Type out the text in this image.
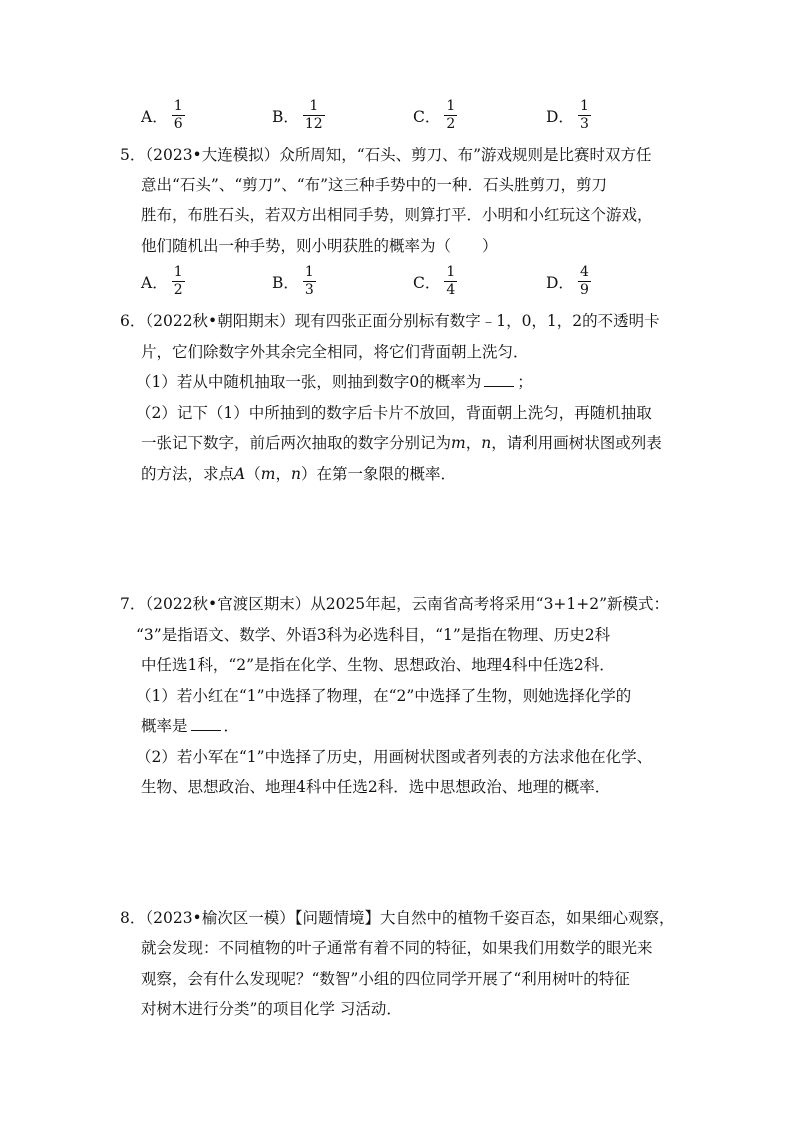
A． $\frac{1}{6}$	B． $\frac{1}{12}$	C． $\frac{1}{2}$	D． $\frac{1}{3}$
5．（2023•大连模拟）众所周知，“石头、剪刀、布”游戏规则是比赛时双方任
意出“石头”、“剪刀”、“布”这三种手势中的一种．石头胜剪刀，剪刀
胜布，布胜石头，若双方出相同手势，则算打平．小明和小红玩这个游戏，
他们随机出一种手势，则小明获胜的概率为（　　）
A． $\frac{1}{2}$	B． $\frac{1}{3}$	C． $\frac{1}{4}$	D． $\frac{4}{9}$
6．（2022秋•朝阳期末）现有四张正面分别标有数字﹣1，0，1，2的不透明卡
片，它们除数字外其余完全相同，将它们背面朝上洗匀．
（1）若从中随机抽取一张，则抽到数字0的概率为 ；
（2）记下（1）中所抽到的数字后卡片不放回，背面朝上洗匀，再随机抽取
一张记下数字，前后两次抽取的数字分别记为m，n，请利用画树状图或列表
的方法，求点A（m，n）在第一象限的概率．
7．（2022秋•官渡区期末）从2025年起，云南省高考将采用“3+1+2”新模式：
“3”是指语文、数学、外语3科为必选科目，“1”是指在物理、历史2科
中任选1科，“2”是指在化学、生物、思想政治、地理4科中任选2科．
（1）若小红在“1”中选择了物理，在“2”中选择了生物，则她选择化学的
概率是 ．
（2）若小军在“1”中选择了历史，用画树状图或者列表的方法求他在化学、
生物、思想政治、地理4科中任选2科．选中思想政治、地理的概率．
8．（2023•榆次区一模）【问题情境】大自然中的植物千姿百态，如果细心观察，
就会发现：不同植物的叶子通常有着不同的特征，如果我们用数学的眼光来
观察，会有什么发现呢？“数智”小组的四位同学开展了“利用树叶的特征
对树木进行分类”的项目化学 习活动．
